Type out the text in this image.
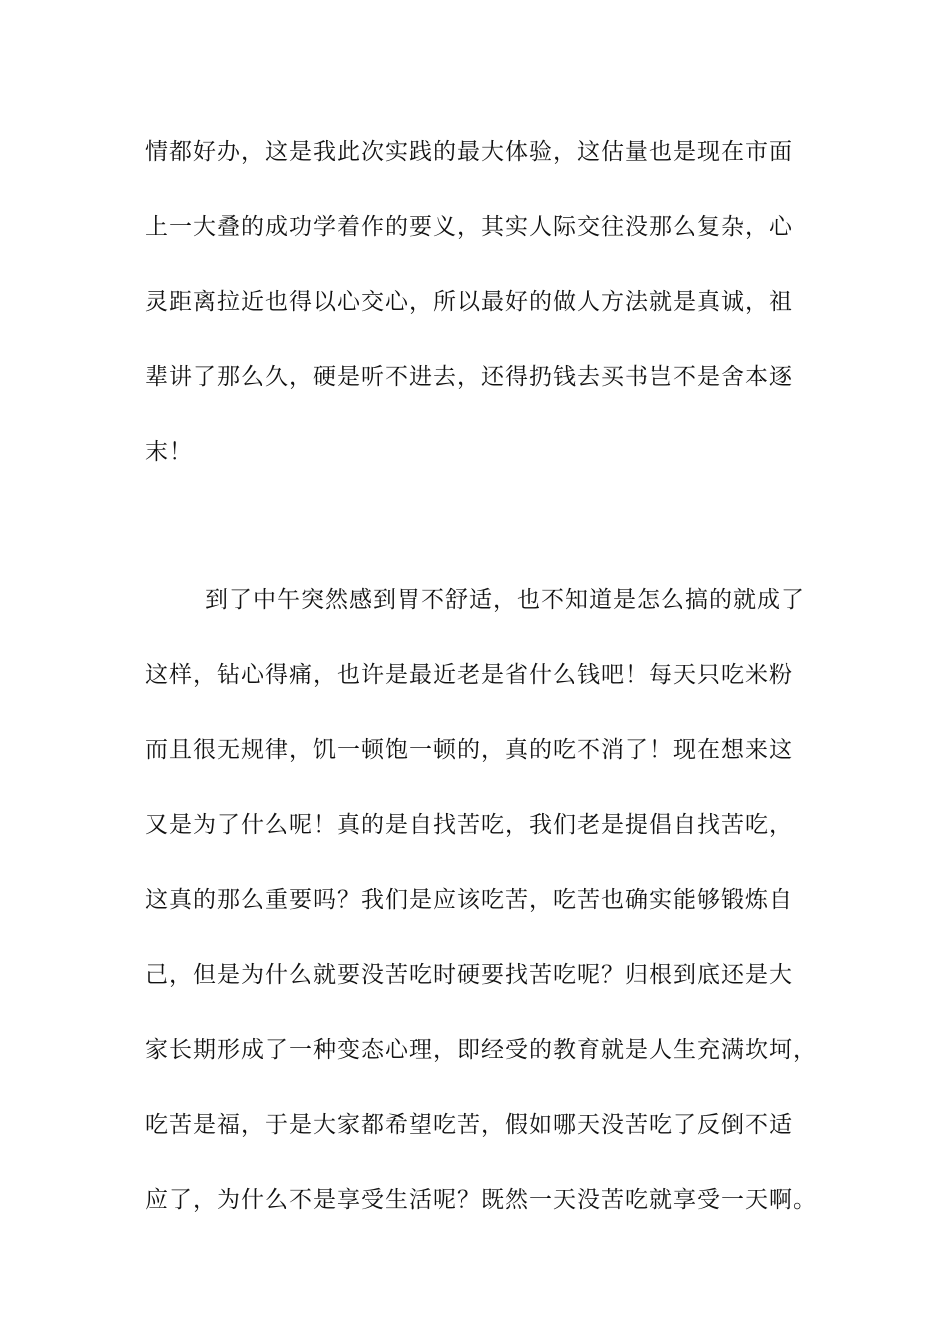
情都好办，这是我此次实践的最大体验，这估量也是现在市面
上一大叠的成功学着作的要义，其实人际交往没那么复杂，心
灵距离拉近也得以心交心，所以最好的做人方法就是真诚，祖
辈讲了那么久，硬是听不进去，还得扔钱去买书岂不是舍本逐
末！
到了中午突然感到胃不舒适，也不知道是怎么搞的就成了
这样，钻心得痛，也许是最近老是省什么钱吧！每天只吃米粉
而且很无规律，饥一顿饱一顿的，真的吃不消了！现在想来这
又是为了什么呢！真的是自找苦吃，我们老是提倡自找苦吃，
这真的那么重要吗？我们是应该吃苦，吃苦也确实能够锻炼自
己，但是为什么就要没苦吃时硬要找苦吃呢？归根到底还是大
家长期形成了一种变态心理，即经受的教育就是人生充满坎坷，
吃苦是福，于是大家都希望吃苦，假如哪天没苦吃了反倒不适
应了，为什么不是享受生活呢？既然一天没苦吃就享受一天啊。
